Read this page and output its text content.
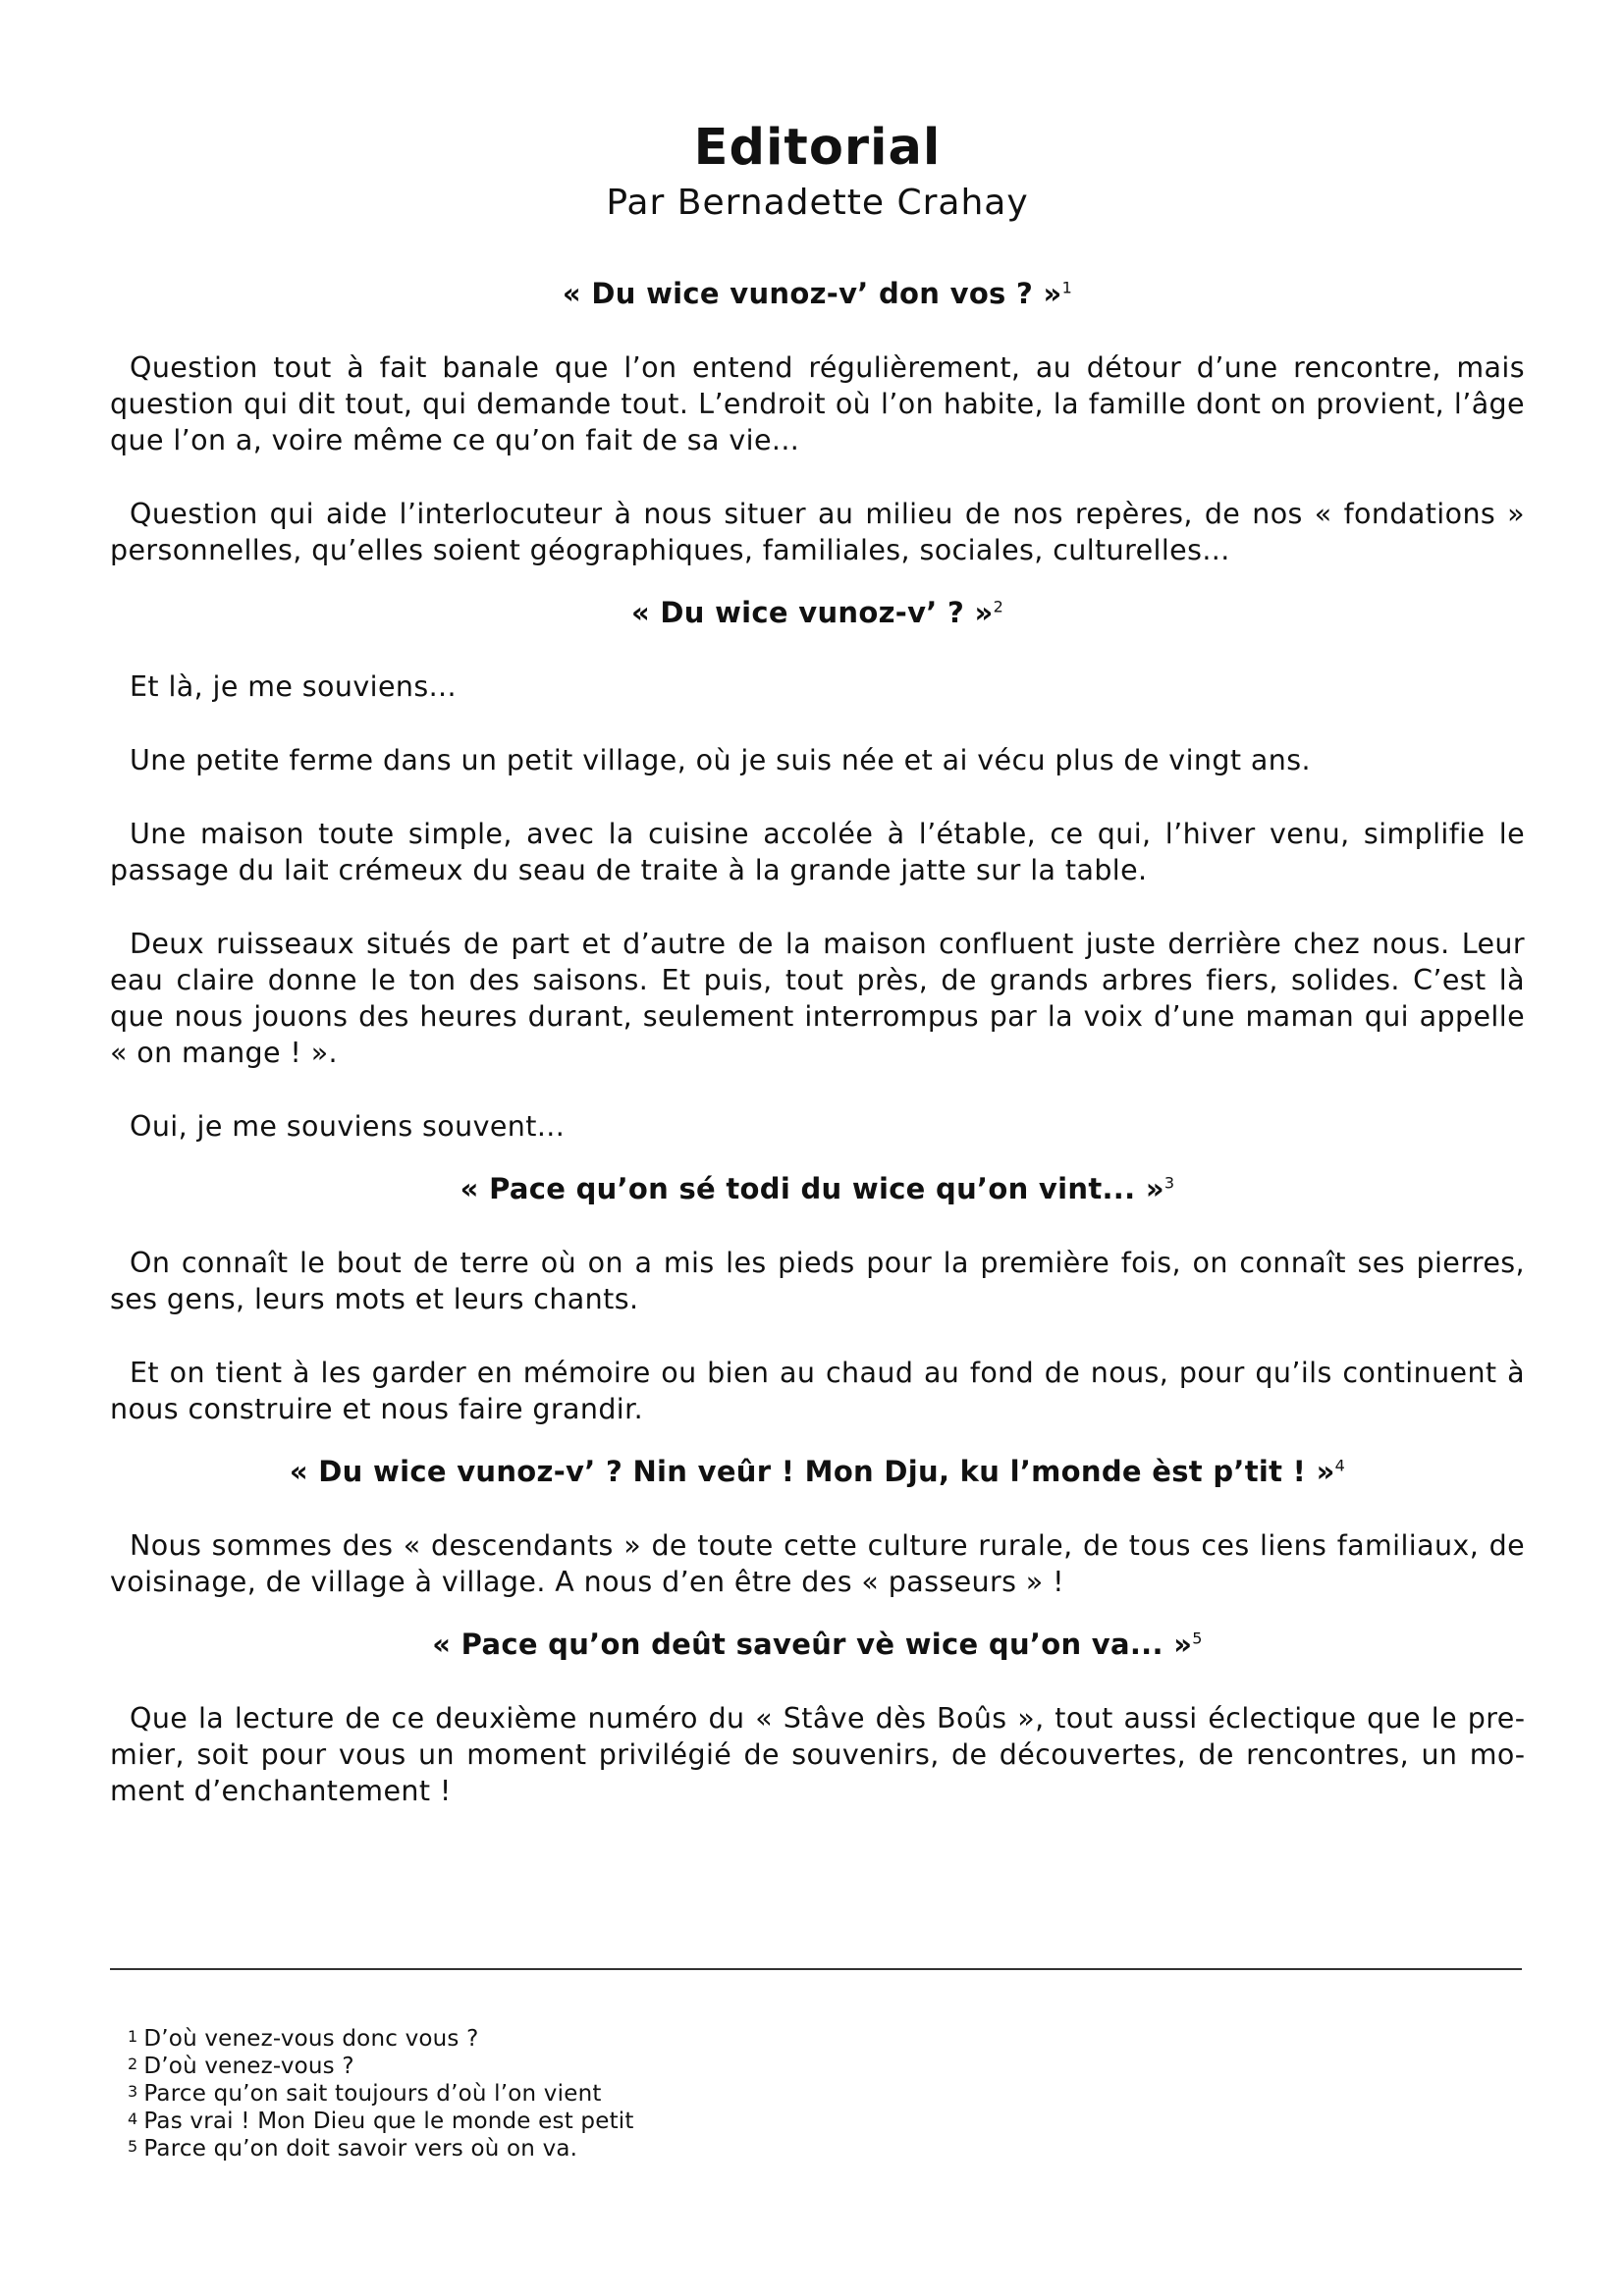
Editorial

Par Bernadette Crahay

« Du wice vunoz-v’ don vos ? »$^1$

Question tout à fait banale que l’on entend régulièrement, au détour d’une rencontre, mais question qui dit tout, qui demande tout. L’endroit où l’on habite, la famille dont on provient, l’âge que l’on a, voire même ce qu’on fait de sa vie...

Question qui aide l’interlocuteur à nous situer au milieu de nos repères, de nos « fondations » personnelles, qu’elles soient géographiques, familiales, sociales, culturelles...

« Du wice vunoz-v’ ? »$^2$

Et là, je me souviens...

Une petite ferme dans un petit village, où je suis née et ai vécu plus de vingt ans.

Une maison toute simple, avec la cuisine accolée à l’étable, ce qui, l’hiver venu, simplifie le passage du lait crémeux du seau de traite à la grande jatte sur la table.

Deux ruisseaux situés de part et d’autre de la maison confluent juste derrière chez nous. Leur eau claire donne le ton des saisons. Et puis, tout près, de grands arbres fiers, solides. C’est là que nous jouons des heures durant, seulement interrompus par la voix d’une maman qui appelle « on mange ! ».

Oui, je me souviens souvent...

« Pace qu’on sé todi du wice qu’on vint... »$^3$

On connaît le bout de terre où on a mis les pieds pour la première fois, on connaît ses pierres, ses gens, leurs mots et leurs chants.

Et on tient à les garder en mémoire ou bien au chaud au fond de nous, pour qu’ils continuent à nous construire et nous faire grandir.

« Du wice vunoz-v’ ? Nin veûr ! Mon Dju, ku l’monde èst p’tit ! »$^4$

Nous sommes des « descendants » de toute cette culture rurale, de tous ces liens familiaux, de voisinage, de village à village. A nous d’en être des « passeurs » !

« Pace qu’on deût saveûr vè wice qu’on va... »$^5$

Que la lecture de ce deuxième numéro du « Stâve dès Boûs », tout aussi éclectique que le premier, soit pour vous un moment privilégié de souvenirs, de découvertes, de rencontres, un moment d’enchantement !

1 D’où venez-vous donc vous ?

2 D’où venez-vous ?

3 Parce qu’on sait toujours d’où l’on vient

4 Pas vrai ! Mon Dieu que le monde est petit

5 Parce qu’on doit savoir vers où on va.
